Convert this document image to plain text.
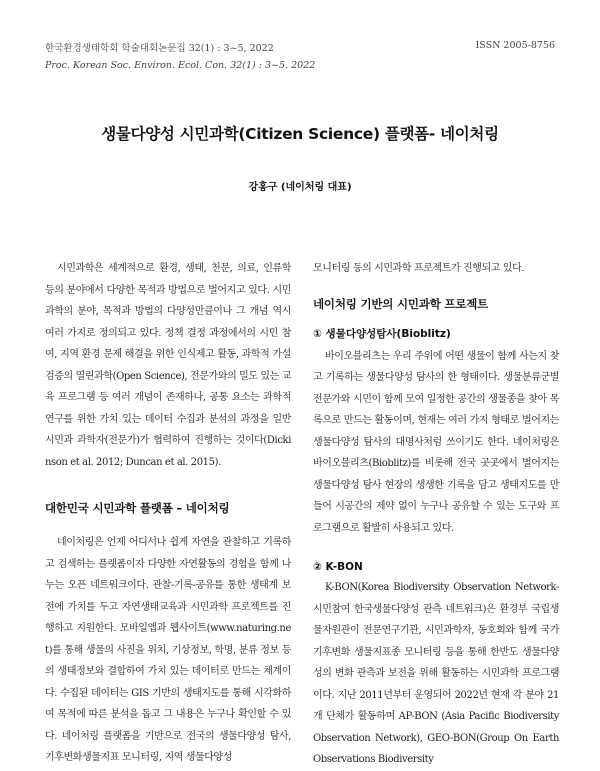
한국환경생태학회 학술대회논문집 32(1) : 3~5, 2022
Proc. Korean Soc. Environ. Ecol. Con. 32(1) : 3~5. 2022
ISSN 2005-8756
생물다양성 시민과학(Citizen Science) 플랫폼- 네이처링
강홍구 (네이처링 대표)

시민과학은 세계적으로 환경, 생태, 천문, 의료, 인류학 등의 분야에서 다양한 목적과 방법으로 벌어지고 있다. 시민과학의 분야, 목적과 방법의 다양성만큼이나 그 개념 역시 여러 가지로 정의되고 있다. 정책 결정 과정에서의 시민 참여, 지역 환경 문제 해결을 위한 인식제고 활동, 과학적 가설 검증의 열린과학(Open Science), 전문가와의 밀도 있는 교육 프로그램 등 여러 개념이 존재하나, 공통 요소는 과학적 연구를 위한 가치 있는 데이터 수집과 분석의 과정을 일반 시민과 과학자(전문가)가 협력하여 진행하는 것이다(Dickinson et al. 2012; Duncan et al. 2015).

대한민국 시민과학 플랫폼 – 네이처링

네이처링은 언제 어디서나 쉽게 자연을 관찰하고 기록하고 검색하는 플랫폼이자 다양한 자연활동의 경험을 함께 나누는 오픈 네트워크이다. 관찰-기록-공유를 통한 생태계 보전에 가치를 두고 자연생태교육과 시민과학 프로젝트를 진행하고 지원한다. 모바일앱과 웹사이트(www.naturing.net)를 통해 생물의 사진을 위치, 기상정보, 학명, 분류 정보 등의 생태정보와 결합하여 가치 있는 데이터로 만드는 체계이다. 수집된 데이터는 GIS 기반의 생태지도를 통해 시각화하여 목적에 따른 분석을 돕고 그 내용은 누구나 확인할 수 있다. 네이처링 플랫폼을 기반으로 전국의 생물다양성 탐사, 기후변화생물지표 모니터링, 지역 생물다양성

모니터링 등의 시민과학 프로젝트가 진행되고 있다.

네이처링 기반의 시민과학 프로젝트
① 생물다양성탐사(Bioblitz)

바이오블리츠는 우리 주위에 어떤 생물이 함께 사는지 찾고 기록하는 생물다양성 탐사의 한 형태이다. 생물분류군별 전문가와 시민이 함께 모여 일정한 공간의 생물종을 찾아 목록으로 만드는 활동이며, 현재는 여러 가지 형태로 벌어지는 생물다양성 탐사의 대명사처럼 쓰이기도 한다. 네이처링은 바이오블리츠(Bioblitz)를 비롯해 전국 곳곳에서 벌어지는 생물다양성 탐사 현장의 생생한 기록을 담고 생태지도를 만들어 시공간의 제약 없이 누구나 공유할 수 있는 도구와 프로그램으로 활발히 사용되고 있다.

② K-BON

K-BON(Korea Biodiversity Observation Network-시민참여 한국생물다양성 관측 네트워크)은 환경부 국립생물자원관이 전문연구기관, 시민과학자, 동호회와 함께 국가 기후변화 생물지표종 모니터링 등을 통해 한반도 생물다양성의 변화 관측과 보전을 위해 활동하는 시민과학 프로그램이다. 지난 2011년부터 운영되어 2022년 현재 각 분야 21개 단체가 활동하며 AP-BON (Asia Pacific Biodiversity Observation Network), GEO-BON(Group On Earth Observations Biodiversity
